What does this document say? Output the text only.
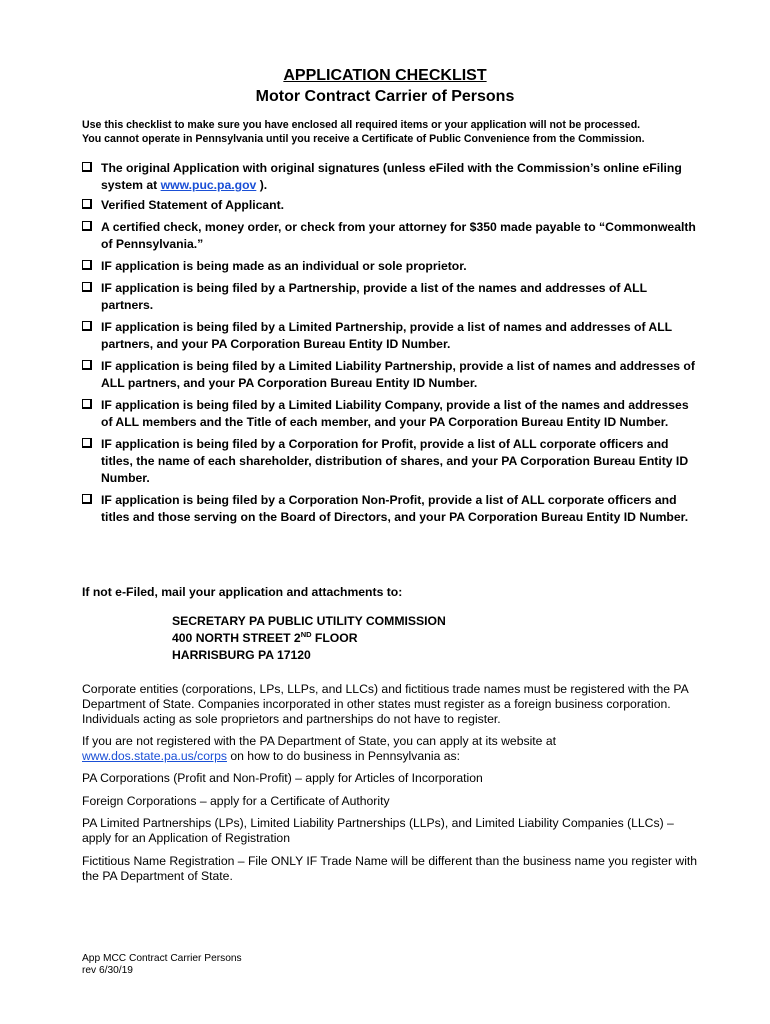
APPLICATION CHECKLIST
Motor Contract Carrier of Persons
Use this checklist to make sure you have enclosed all required items or your application will not be processed.
You cannot operate in Pennsylvania until you receive a Certificate of Public Convenience from the Commission.
The original Application with original signatures (unless eFiled with the Commission’s online eFiling system at www.puc.pa.gov ).
Verified Statement of Applicant.
A certified check, money order, or check from your attorney for $350 made payable to “Commonwealth of Pennsylvania.”
IF application is being made as an individual or sole proprietor.
IF application is being filed by a Partnership, provide a list of the names and addresses of ALL partners.
IF application is being filed by a Limited Partnership, provide a list of names and addresses of ALL partners, and your PA Corporation Bureau Entity ID Number.
IF application is being filed by a Limited Liability Partnership, provide a list of names and addresses of ALL partners, and your PA Corporation Bureau Entity ID Number.
IF application is being filed by a Limited Liability Company, provide a list of the names and addresses of ALL members and the Title of each member, and your PA Corporation Bureau Entity ID Number.
IF application is being filed by a Corporation for Profit, provide a list of ALL corporate officers and titles, the name of each shareholder, distribution of shares, and your PA Corporation Bureau Entity ID Number.
IF application is being filed by a Corporation Non-Profit, provide a list of ALL corporate officers and titles and those serving on the Board of Directors, and your PA Corporation Bureau Entity ID Number.
If not e-Filed, mail your application and attachments to:
SECRETARY PA PUBLIC UTILITY COMMISSION
400 NORTH STREET 2ND FLOOR
HARRISBURG PA 17120
Corporate entities (corporations, LPs, LLPs, and LLCs) and fictitious trade names must be registered with the PA Department of State. Companies incorporated in other states must register as a foreign business corporation. Individuals acting as sole proprietors and partnerships do not have to register.
If you are not registered with the PA Department of State, you can apply at its website at www.dos.state.pa.us/corps on how to do business in Pennsylvania as:
PA Corporations (Profit and Non-Profit) – apply for Articles of Incorporation
Foreign Corporations – apply for a Certificate of Authority
PA Limited Partnerships (LPs), Limited Liability Partnerships (LLPs), and Limited Liability Companies (LLCs) – apply for an Application of Registration
Fictitious Name Registration – File ONLY IF Trade Name will be different than the business name you register with the PA Department of State.
App MCC Contract Carrier Persons
rev 6/30/19
